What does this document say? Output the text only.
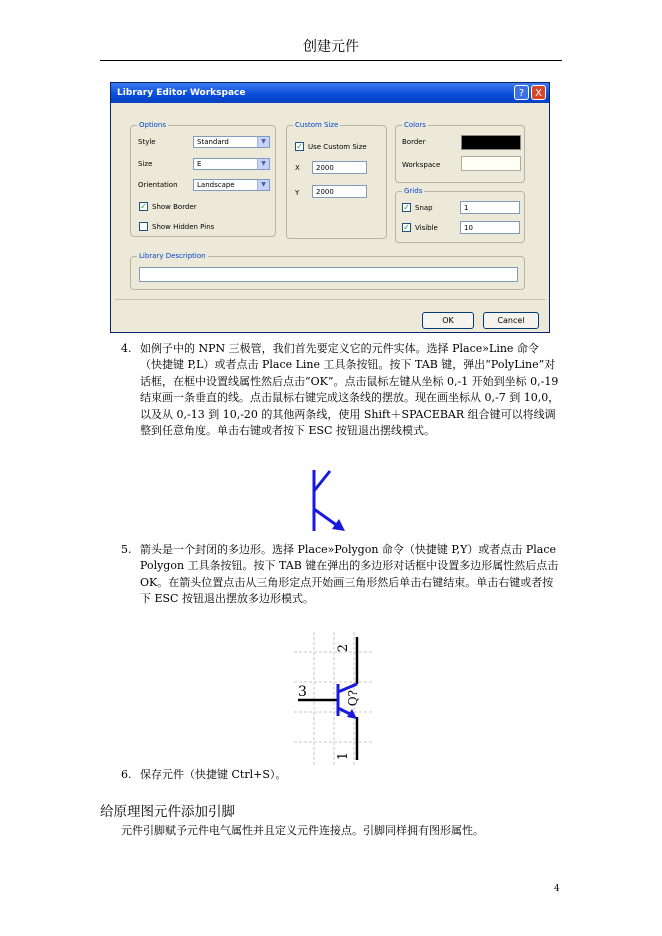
创建元件
Library Editor Workspace	?	X
Options
Style	Standard	▼
Size	E	▼
Orientation	Landscape	▼
✓ Show Border
Show Hidden Pins
Custom Size
✓ Use Custom Size
X 2000
Y 2000
Colors
Border
Workspace
Grids
✓ Snap	1
✓ Visible	10
Library Description
OK	Cancel
4. 如例子中的 NPN 三极管，我们首先要定义它的元件实体。选择 Place»Line 命令（快捷键 P,L）或者点击 Place Line 工具条按钮。按下 TAB 键，弹出“PolyLine”对话框，在框中设置线属性然后点击“OK”。点击鼠标左键从坐标 0,-1 开始到坐标 0,-19 结束画一条垂直的线。点击鼠标右键完成这条线的摆放。现在画坐标从 0,-7 到 10,0，以及从 0,-13 到 10,-20 的其他两条线，使用 Shift＋SPACEBAR 组合键可以将线调整到任意角度。单击右键或者按下 ESC 按钮退出摆线模式。
5. 箭头是一个封闭的多边形。选择 Place»Polygon 命令（快捷键 P,Y）或者点击 Place Polygon 工具条按钮。按下 TAB 键在弹出的多边形对话框中设置多边形属性然后点击 OK。在箭头位置点击从三角形定点开始画三角形然后单击右键结束。单击右键或者按下 ESC 按钮退出摆放多边形模式。
3
2
Q?
1
6. 保存元件（快捷键 Ctrl+S）。
给原理图元件添加引脚
元件引脚赋予元件电气属性并且定义元件连接点。引脚同样拥有图形属性。
4
